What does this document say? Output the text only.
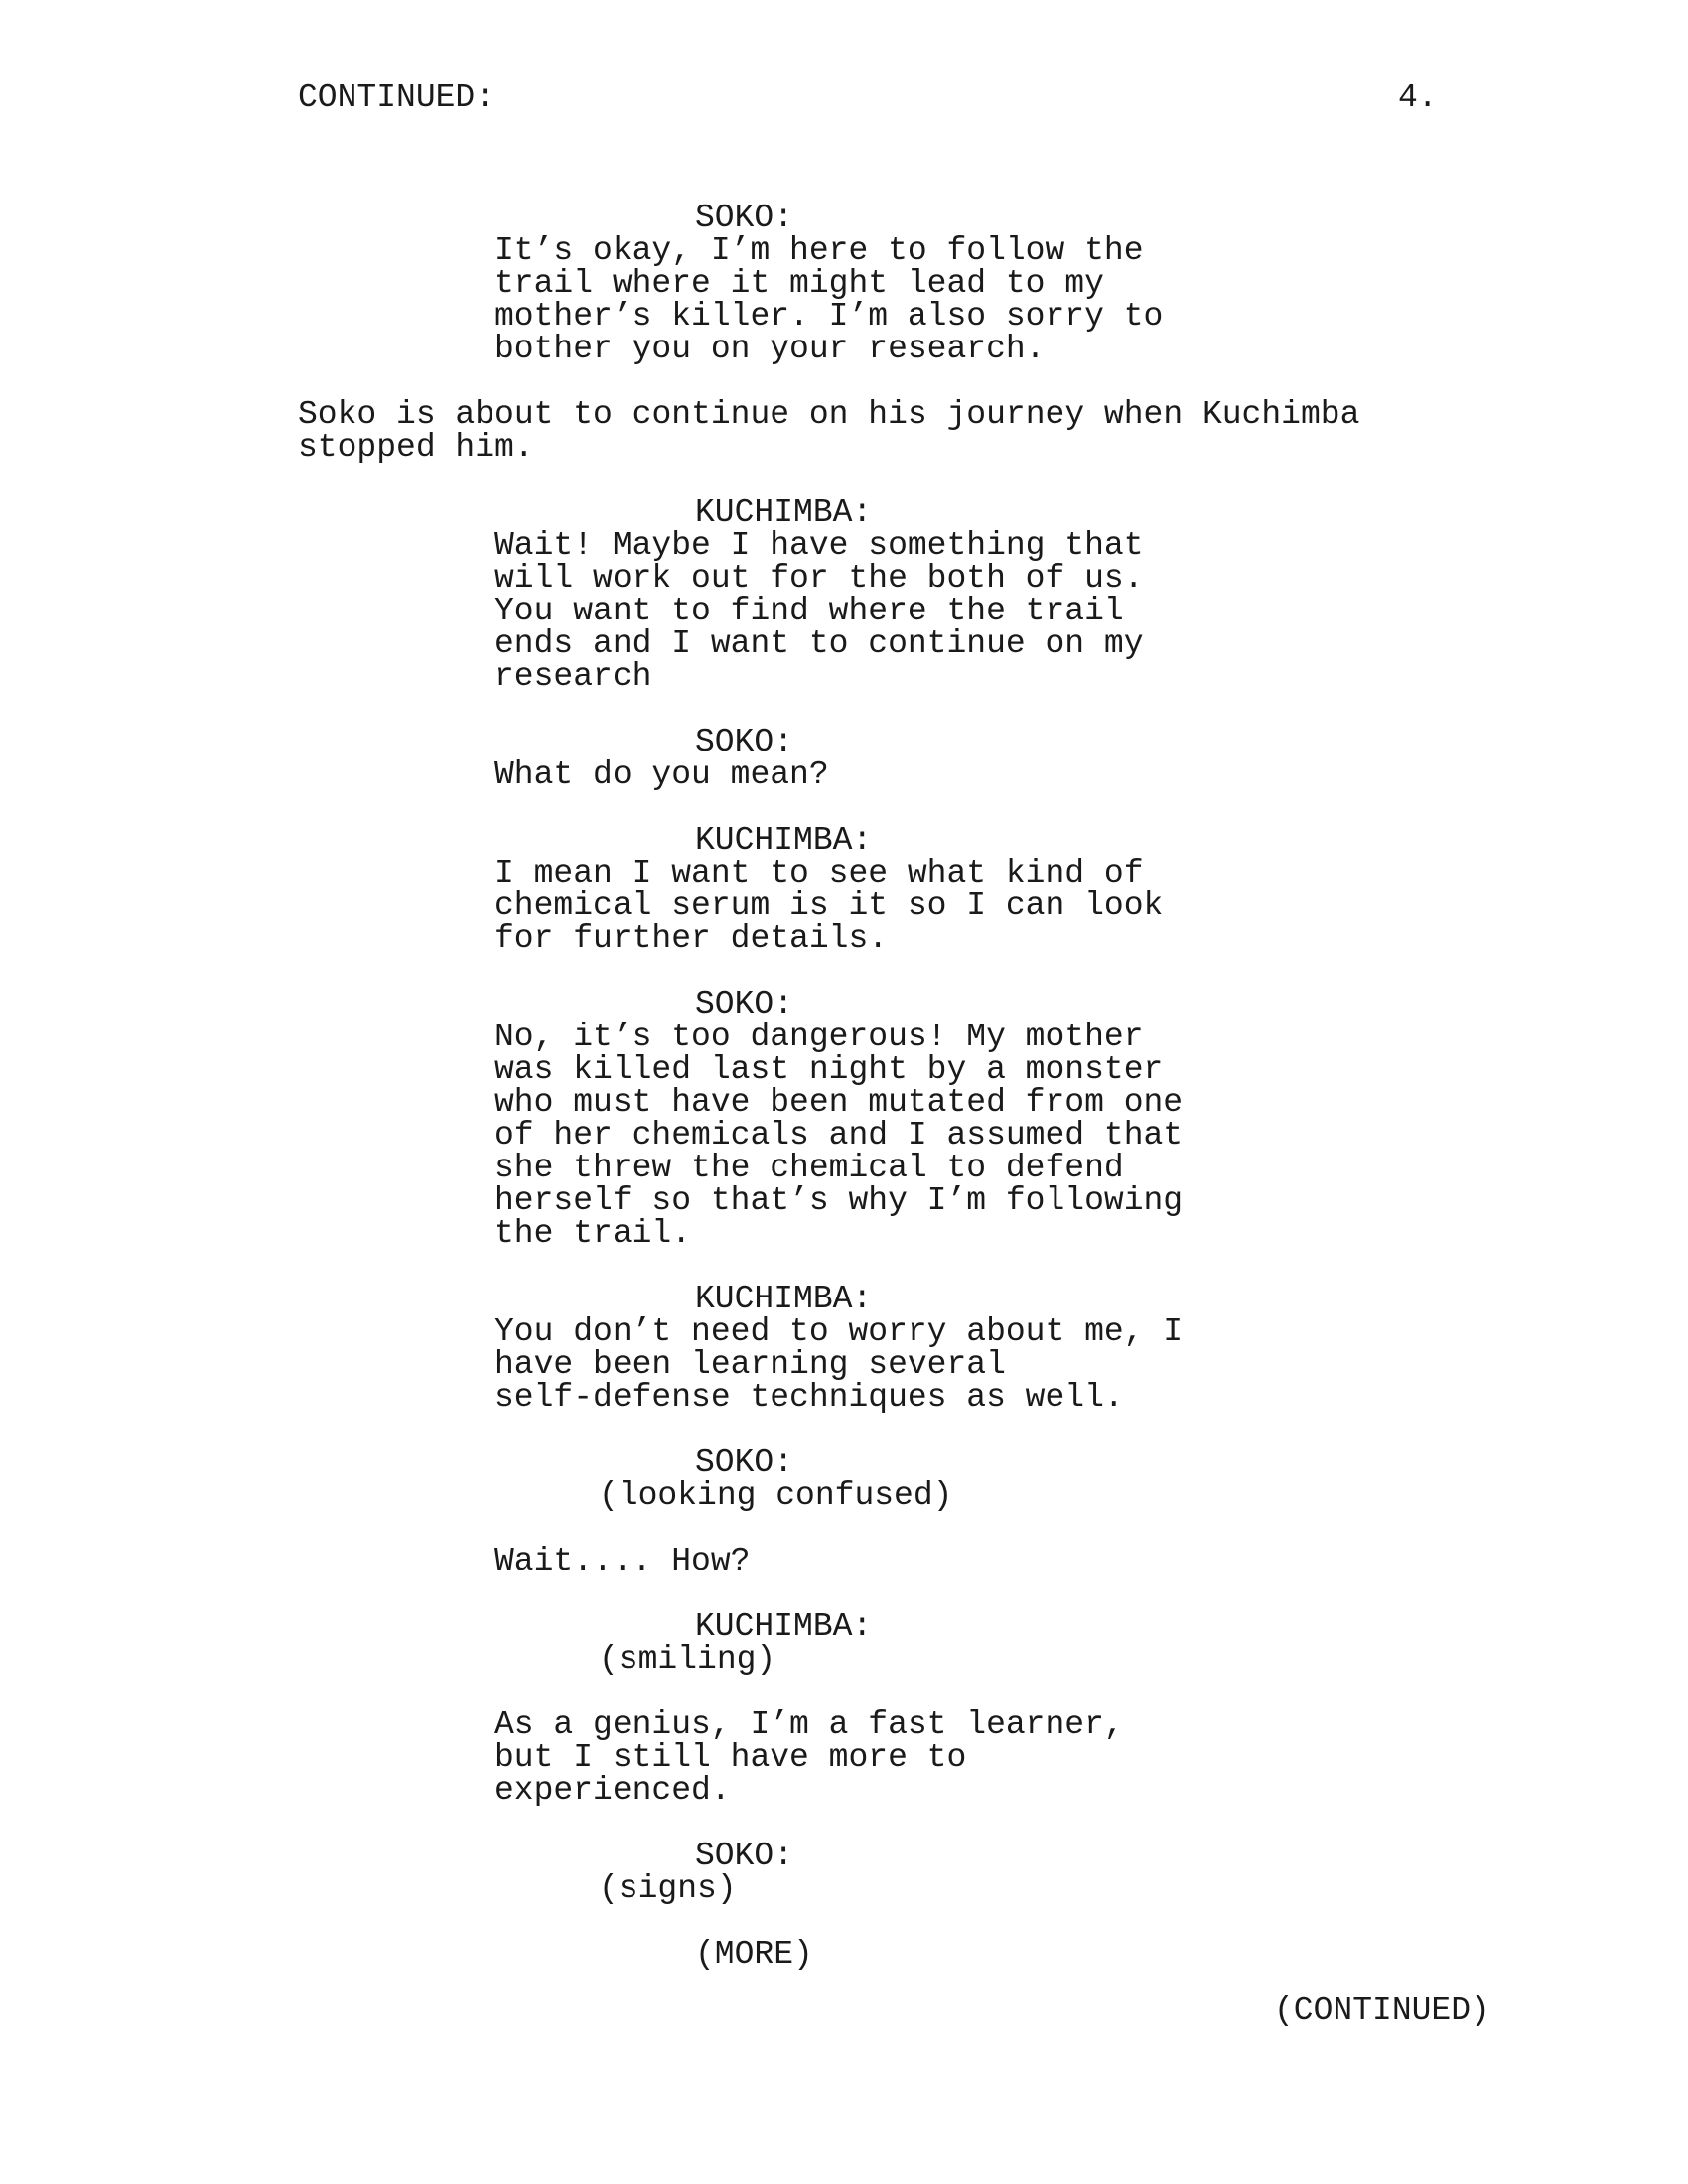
CONTINUED:	4.
SOKO:
It’s okay, I’m here to follow the
trail where it might lead to my
mother’s killer. I’m also sorry to
bother you on your research.
Soko is about to continue on his journey when Kuchimba
stopped him.
KUCHIMBA:
Wait! Maybe I have something that
will work out for the both of us.
You want to find where the trail
ends and I want to continue on my
research
SOKO:
What do you mean?
KUCHIMBA:
I mean I want to see what kind of
chemical serum is it so I can look
for further details.
SOKO:
No, it’s too dangerous! My mother
was killed last night by a monster
who must have been mutated from one
of her chemicals and I assumed that
she threw the chemical to defend
herself so that’s why I’m following
the trail.
KUCHIMBA:
You don’t need to worry about me, I
have been learning several
self-defense techniques as well.
SOKO:
(looking confused)
Wait.... How?
KUCHIMBA:
(smiling)
As a genius, I’m a fast learner,
but I still have more to
experienced.
SOKO:
(signs)
(MORE)
(CONTINUED)
